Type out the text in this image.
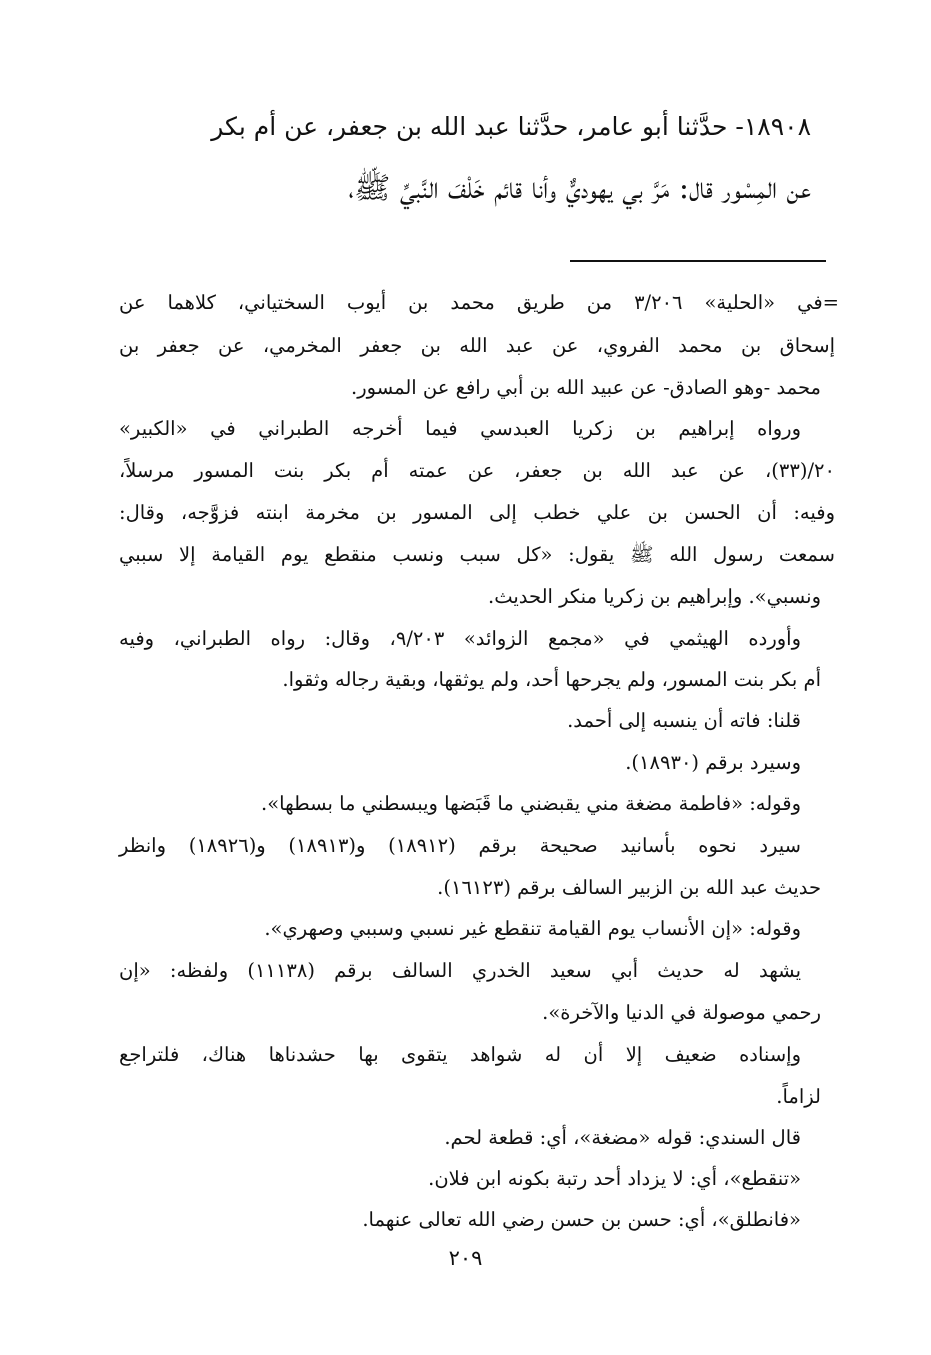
١٨٩٠٨- حدَّثنا أبو عامر، حدَّثنا عبد الله بن جعفر، عن أم بكر
عن المِسْور قال: مَرَّ بي يهوديٌّ وأنا قائم خَلْفَ النَّبيِّ ﷺ،
=في «الحلية» ٣/٢٠٦ من طريق محمد بن أيوب السختياني، كلاهما عن
إسحاق بن محمد الفروي، عن عبد الله بن جعفر المخرمي، عن جعفر بن
محمد -وهو الصادق- عن عبيد الله بن أبي رافع عن المسور.
ورواه إبراهيم بن زكريا العبدسي فيما أخرجه الطبراني في «الكبير»
٢٠/(٣٣)، عن عبد الله بن جعفر، عن عمته أم بكر بنت المسور مرسلاً،
وفيه: أن الحسن بن علي خطب إلى المسور بن مخرمة ابنته فزوَّجه، وقال:
سمعت رسول الله ﷺ يقول: «كل سبب ونسب منقطع يوم القيامة إلا سببي
ونسبي». وإبراهيم بن زكريا منكر الحديث.
وأورده الهيثمي في «مجمع الزوائد» ٩/٢٠٣، وقال: رواه الطبراني، وفيه
أم بكر بنت المسور، ولم يجرحها أحد، ولم يوثقها، وبقية رجاله وثقوا.
قلنا: فاته أن ينسبه إلى أحمد.
وسيرد برقم (١٨٩٣٠).
وقوله: «فاطمة مضغة مني يقبضني ما قَبَضها ويبسطني ما بسطها».
سيرد نحوه بأسانيد صحيحة برقم (١٨٩١٢) و(١٨٩١٣) و(١٨٩٢٦) وانظر
حديث عبد الله بن الزبير السالف برقم (١٦١٢٣).
وقوله: «إن الأنساب يوم القيامة تنقطع غير نسبي وسببي وصهري».
يشهد له حديث أبي سعيد الخدري السالف برقم (١١١٣٨) ولفظه: «إن
رحمي موصولة في الدنيا والآخرة».
وإسناده ضعيف إلا أن له شواهد يتقوى بها حشدناها هناك، فلتراجع
لزاماً.
قال السندي: قوله «مضغة»، أي: قطعة لحم.
«تنقطع»، أي: لا يزداد أحد رتبة بكونه ابن فلان.
«فانطلق»، أي: حسن بن حسن رضي الله تعالى عنهما.
٢٠٩
